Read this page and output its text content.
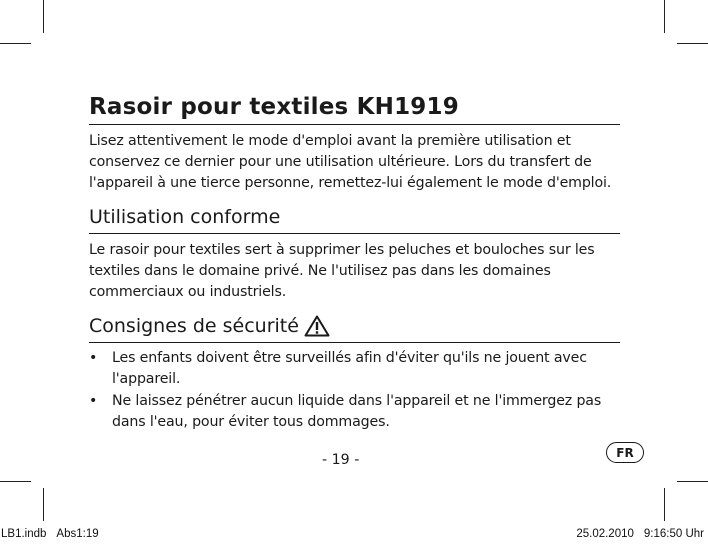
Rasoir pour textiles KH1919

Lisez attentivement le mode d'emploi avant la première utilisation et conservez ce dernier pour une utilisation ultérieure. Lors du transfert de l'appareil à une tierce personne, remettez-lui également le mode d'emploi.

Utilisation conforme

Le rasoir pour textiles sert à supprimer les peluches et bouloches sur les textiles dans le domaine privé. Ne l'utilisez pas dans les domaines commerciaux ou industriels.

Consignes de sécurité
• Les enfants doivent être surveillés afin d'éviter qu'ils ne jouent avec l'appareil.
• Ne laissez pénétrer aucun liquide dans l'appareil et ne l'immergez pas dans l'eau, pour éviter tous dommages.
- 19 -	FR
LB1.indb Abs1:19	25.02.2010 9:16:50 Uhr
